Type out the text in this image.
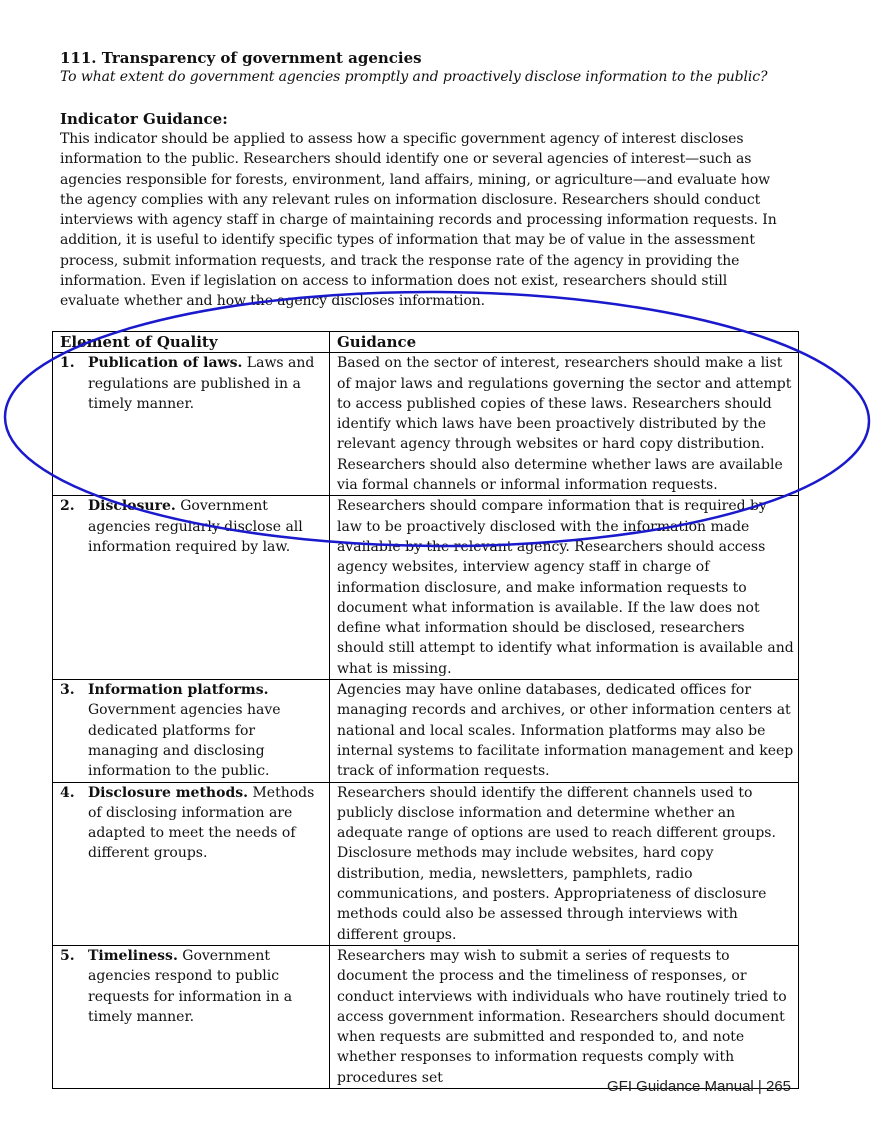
111. Transparency of government agencies

To what extent do government agencies promptly and proactively disclose information to the public?

Indicator Guidance:

This indicator should be applied to assess how a specific government agency of interest discloses information to the public. Researchers should identify one or several agencies of interest—such as agencies responsible for forests, environment, land affairs, mining, or agriculture—and evaluate how the agency complies with any relevant rules on information disclosure. Researchers should conduct interviews with agency staff in charge of maintaining records and processing information requests. In addition, it is useful to identify specific types of information that may be of value in the assessment process, submit information requests, and track the response rate of the agency in providing the information. Even if legislation on access to information does not exist, researchers should still evaluate whether and how the agency discloses information.

Element of Quality	Guidance

1. Publication of laws. Laws and regulations are published in a timely manner.	Based on the sector of interest, researchers should make a list of major laws and regulations governing the sector and attempt to access published copies of these laws. Researchers should identify which laws have been proactively distributed by the relevant agency through websites or hard copy distribution. Researchers should also determine whether laws are available via formal channels or informal information requests.

2. Disclosure. Government agencies regularly disclose all information required by law.	Researchers should compare information that is required by law to be proactively disclosed with the information made available by the relevant agency. Researchers should access agency websites, interview agency staff in charge of information disclosure, and make information requests to document what information is available. If the law does not define what information should be disclosed, researchers should still attempt to identify what information is available and what is missing.

3. Information platforms. Government agencies have dedicated platforms for managing and disclosing information to the public.	Agencies may have online databases, dedicated offices for managing records and archives, or other information centers at national and local scales. Information platforms may also be internal systems to facilitate information management and keep track of information requests.

4. Disclosure methods. Methods of disclosing information are adapted to meet the needs of different groups.	Researchers should identify the different channels used to publicly disclose information and determine whether an adequate range of options are used to reach different groups. Disclosure methods may include websites, hard copy distribution, media, newsletters, pamphlets, radio communications, and posters. Appropriateness of disclosure methods could also be assessed through interviews with different groups.

5. Timeliness. Government agencies respond to public requests for information in a timely manner.	Researchers may wish to submit a series of requests to document the process and the timeliness of responses, or conduct interviews with individuals who have routinely tried to access government information. Researchers should document when requests are submitted and responded to, and note whether responses to information requests comply with procedures set

GFI Guidance Manual | 265
